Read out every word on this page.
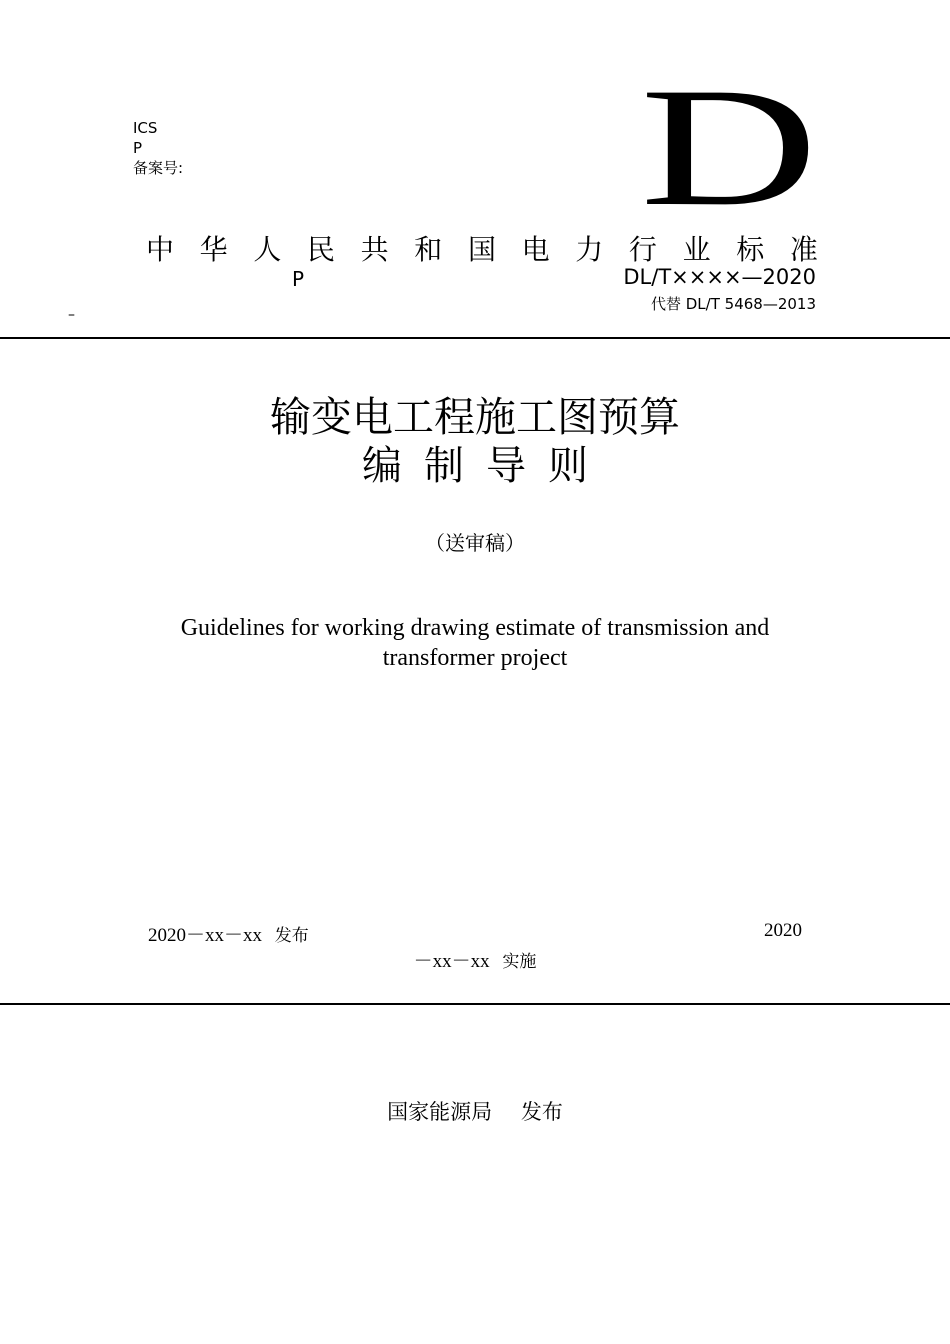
ICS
P
备案号:	D
中 华 人 民 共 和 国 电 力 行 业 标 准
P	DL/T××××—2020
代替 DL/T 5468—2013
–
输变电工程施工图预算
编制导则
（送审稿）
Guidelines for working drawing estimate of transmission and transformer project
2020－xx－xx 发布	2020
－xx－xx 实施
国家能源局 发布
